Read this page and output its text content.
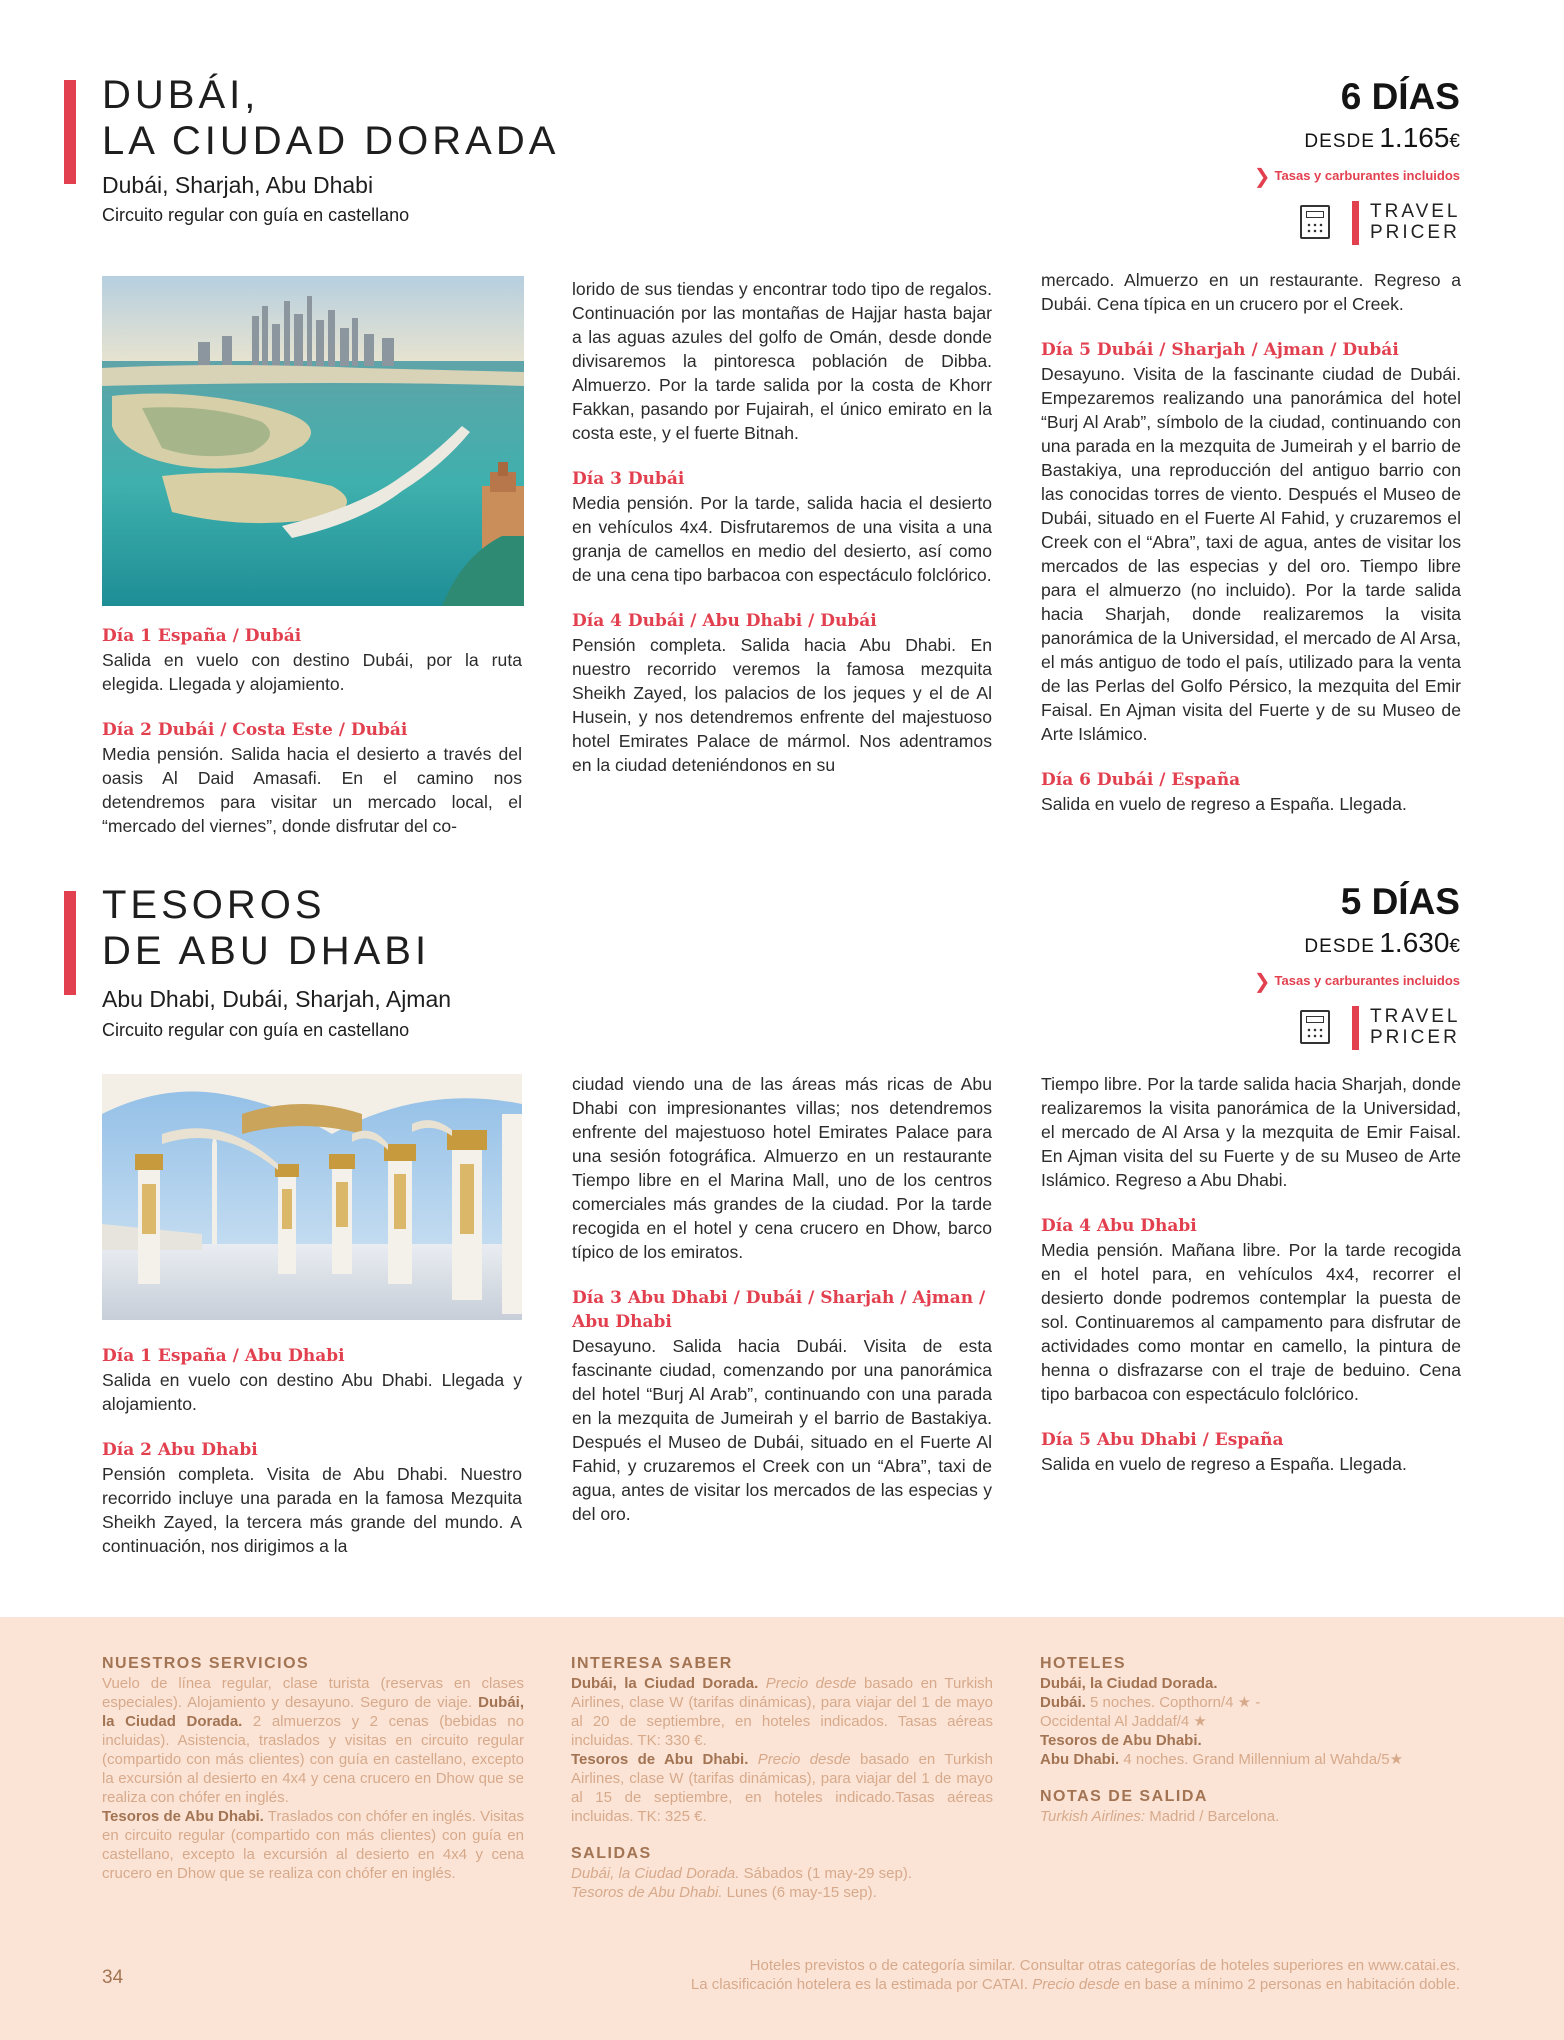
DUBÁI,
LA CIUDAD DORADA
Dubái, Sharjah, Abu Dhabi
Circuito regular con guía en castellano
6 DÍAS
DESDE 1.165€
❯ Tasas y carburantes incluidos
TRAVEL
PRICER
Día 1 España / Dubái

Salida en vuelo con destino Dubái, por la ruta elegida. Llegada y alojamiento.

Día 2 Dubái / Costa Este / Dubái

Media pensión. Salida hacia el desierto a través del oasis Al Daid Amasafi. En el camino nos detendremos para visitar un mercado local, el “mercado del viernes”, donde disfrutar del co-

lorido de sus tiendas y encontrar todo tipo de regalos. Continuación por las montañas de Hajjar hasta bajar a las aguas azules del golfo de Omán, desde donde divisaremos la pintoresca población de Dibba. Almuerzo. Por la tarde salida por la costa de Khorr Fakkan, pasando por Fujairah, el único emirato en la costa este, y el fuerte Bitnah.

Día 3 Dubái

Media pensión. Por la tarde, salida hacia el desierto en vehículos 4x4. Disfrutaremos de una visita a una granja de camellos en medio del desierto, así como de una cena tipo barbacoa con espectáculo folclórico.

Día 4 Dubái / Abu Dhabi / Dubái

Pensión completa. Salida hacia Abu Dhabi. En nuestro recorrido veremos la famosa mezquita Sheikh Zayed, los palacios de los jeques y el de Al Husein, y nos detendremos enfrente del majestuoso hotel Emirates Palace de mármol. Nos adentramos en la ciudad deteniéndonos en su

mercado. Almuerzo en un restaurante. Regreso a Dubái. Cena típica en un crucero por el Creek.

Día 5 Dubái / Sharjah / Ajman / Dubái

Desayuno. Visita de la fascinante ciudad de Dubái. Empezaremos realizando una panorámica del hotel “Burj Al Arab”, símbolo de la ciudad, continuando con una parada en la mezquita de Jumeirah y el barrio de Bastakiya, una reproducción del antiguo barrio con las conocidas torres de viento. Después el Museo de Dubái, situado en el Fuerte Al Fahid, y cruzaremos el Creek con el “Abra”, taxi de agua, antes de visitar los mercados de las especias y del oro. Tiempo libre para el almuerzo (no incluido). Por la tarde salida hacia Sharjah, donde realizaremos la visita panorámica de la Universidad, el mercado de Al Arsa, el más antiguo de todo el país, utilizado para la venta de las Perlas del Golfo Pérsico, la mezquita del Emir Faisal. En Ajman visita del Fuerte y de su Museo de Arte Islámico.

Día 6 Dubái / España

Salida en vuelo de regreso a España. Llegada.

TESOROS
DE ABU DHABI
Abu Dhabi, Dubái, Sharjah, Ajman
Circuito regular con guía en castellano
5 DÍAS
DESDE 1.630€
❯ Tasas y carburantes incluidos
TRAVEL
PRICER
Día 1 España / Abu Dhabi

Salida en vuelo con destino Abu Dhabi. Llegada y alojamiento.

Día 2 Abu Dhabi

Pensión completa. Visita de Abu Dhabi. Nuestro recorrido incluye una parada en la famosa Mezquita Sheikh Zayed, la tercera más grande del mundo. A continuación, nos dirigimos a la

ciudad viendo una de las áreas más ricas de Abu Dhabi con impresionantes villas; nos detendremos enfrente del majestuoso hotel Emirates Palace para una sesión fotográfica. Almuerzo en un restaurante Tiempo libre en el Marina Mall, uno de los centros comerciales más grandes de la ciudad. Por la tarde recogida en el hotel y cena crucero en Dhow, barco típico de los emiratos.

Día 3 Abu Dhabi / Dubái / Sharjah / Ajman / Abu Dhabi

Desayuno. Salida hacia Dubái. Visita de esta fascinante ciudad, comenzando por una panorámica del hotel “Burj Al Arab”, continuando con una parada en la mezquita de Jumeirah y el barrio de Bastakiya. Después el Museo de Dubái, situado en el Fuerte Al Fahid, y cruzaremos el Creek con un “Abra”, taxi de agua, antes de visitar los mercados de las especias y del oro.

Tiempo libre. Por la tarde salida hacia Sharjah, donde realizaremos la visita panorámica de la Universidad, el mercado de Al Arsa y la mezquita de Emir Faisal. En Ajman visita del su Fuerte y de su Museo de Arte Islámico. Regreso a Abu Dhabi.

Día 4 Abu Dhabi

Media pensión. Mañana libre. Por la tarde recogida en el hotel para, en vehículos 4x4, recorrer el desierto donde podremos contemplar la puesta de sol. Continuaremos al campamento para disfrutar de actividades como montar en camello, la pintura de henna o disfrazarse con el traje de beduino. Cena tipo barbacoa con espectáculo folclórico.

Día 5 Abu Dhabi / España

Salida en vuelo de regreso a España. Llegada.

NUESTROS SERVICIOS

Vuelo de línea regular, clase turista (reservas en clases especiales). Alojamiento y desayuno. Seguro de viaje. Dubái, la Ciudad Dorada. 2 almuerzos y 2 cenas (bebidas no incluidas). Asistencia, traslados y visitas en circuito regular (compartido con más clientes) con guía en castellano, excepto la excursión al desierto en 4x4 y cena crucero en Dhow que se realiza con chófer en inglés.

Tesoros de Abu Dhabi. Traslados con chófer en inglés. Visitas en circuito regular (compartido con más clientes) con guía en castellano, excepto la excursión al desierto en 4x4 y cena crucero en Dhow que se realiza con chófer en inglés.

INTERESA SABER

Dubái, la Ciudad Dorada. Precio desde basado en Turkish Airlines, clase W (tarifas dinámicas), para viajar del 1 de mayo al 20 de septiembre, en hoteles indicados. Tasas aéreas incluidas. TK: 330 €.

Tesoros de Abu Dhabi. Precio desde basado en Turkish Airlines, clase W (tarifas dinámicas), para viajar del 1 de mayo al 15 de septiembre, en hoteles indicado.Tasas aéreas incluidas. TK: 325 €.

SALIDAS

Dubái, la Ciudad Dorada. Sábados (1 may-29 sep).

Tesoros de Abu Dhabi. Lunes (6 may-15 sep).

HOTELES

Dubái, la Ciudad Dorada.

Dubái. 5 noches. Copthorn/4 ★ - Occidental Al Jaddaf/4 ★

Tesoros de Abu Dhabi.

Abu Dhabi. 4 noches. Grand Millennium al Wahda/5★

NOTAS DE SALIDA

Turkish Airlines: Madrid / Barcelona.

34
Hoteles previstos o de categoría similar. Consultar otras categorías de hoteles superiores en www.catai.es.
La clasificación hotelera es la estimada por CATAI. Precio desde en base a mínimo 2 personas en habitación doble.
